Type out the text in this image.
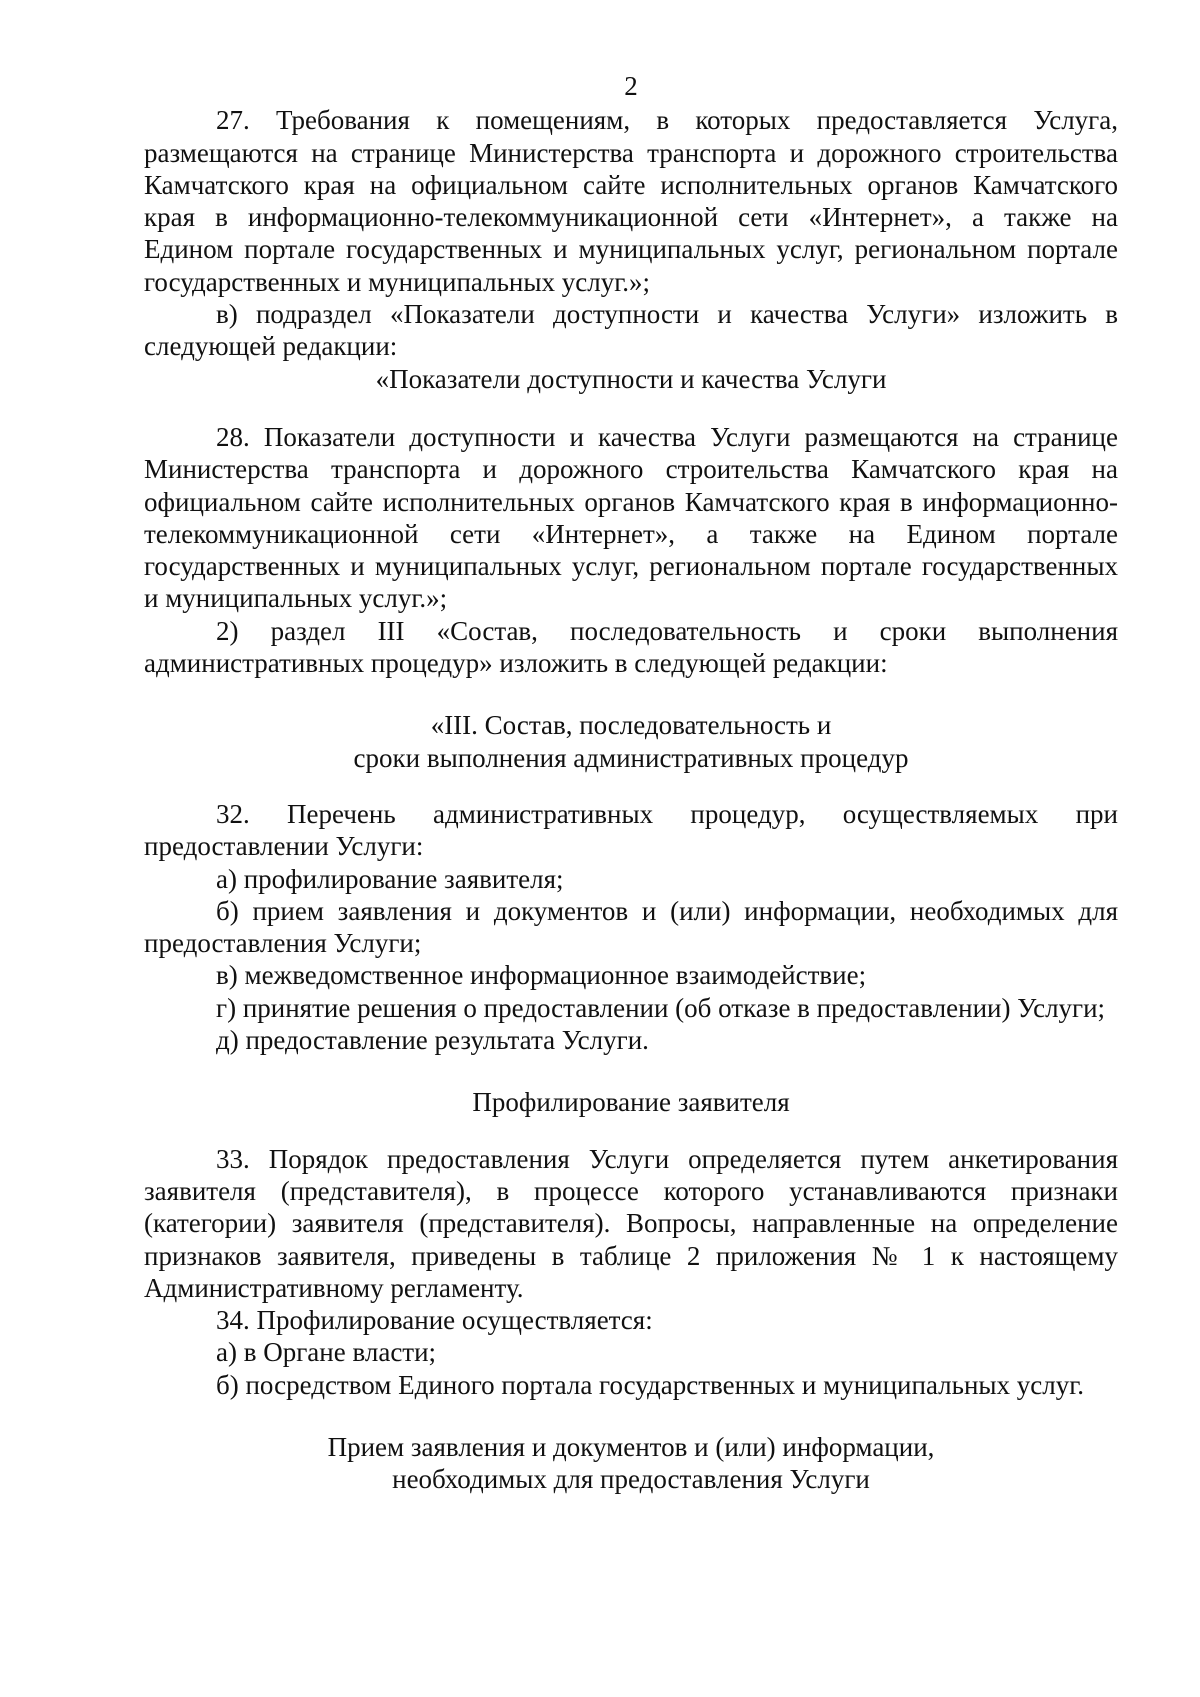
2

27. Требования к помещениям, в которых предоставляется Услуга, размещаются на странице Министерства транспорта и дорожного строительства Камчатского края на официальном сайте исполнительных органов Камчатского края в информационно-телекоммуникационной сети «Интернет», а также на Едином портале государственных и муниципальных услуг, региональном портале государственных и муниципальных услуг.»;

в) подраздел «Показатели доступности и качества Услуги» изложить в следующей редакции:

«Показатели доступности и качества Услуги

28. Показатели доступности и качества Услуги размещаются на странице Министерства транспорта и дорожного строительства Камчатского края на официальном сайте исполнительных органов Камчатского края в информационно-телекоммуникационной сети «Интернет», а также на Едином портале государственных и муниципальных услуг, региональном портале государственных и муниципальных услуг.»;

2) раздел III «Состав, последовательность и сроки выполнения административных процедур» изложить в следующей редакции:

«III. Состав, последовательность и

сроки выполнения административных процедур

32. Перечень административных процедур, осуществляемых при предоставлении Услуги:

а) профилирование заявителя;

б) прием заявления и документов и (или) информации, необходимых для предоставления Услуги;

в) межведомственное информационное взаимодействие;

г) принятие решения о предоставлении (об отказе в предоставлении) Услуги;

д) предоставление результата Услуги.

Профилирование заявителя

33. Порядок предоставления Услуги определяется путем анкетирования заявителя (представителя), в процессе которого устанавливаются признаки (категории) заявителя (представителя). Вопросы, направленные на определение признаков заявителя, приведены в таблице 2 приложения № 1 к настоящему Административному регламенту.

34. Профилирование осуществляется:

а) в Органе власти;

б) посредством Единого портала государственных и муниципальных услуг.

Прием заявления и документов и (или) информации,

необходимых для предоставления Услуги
